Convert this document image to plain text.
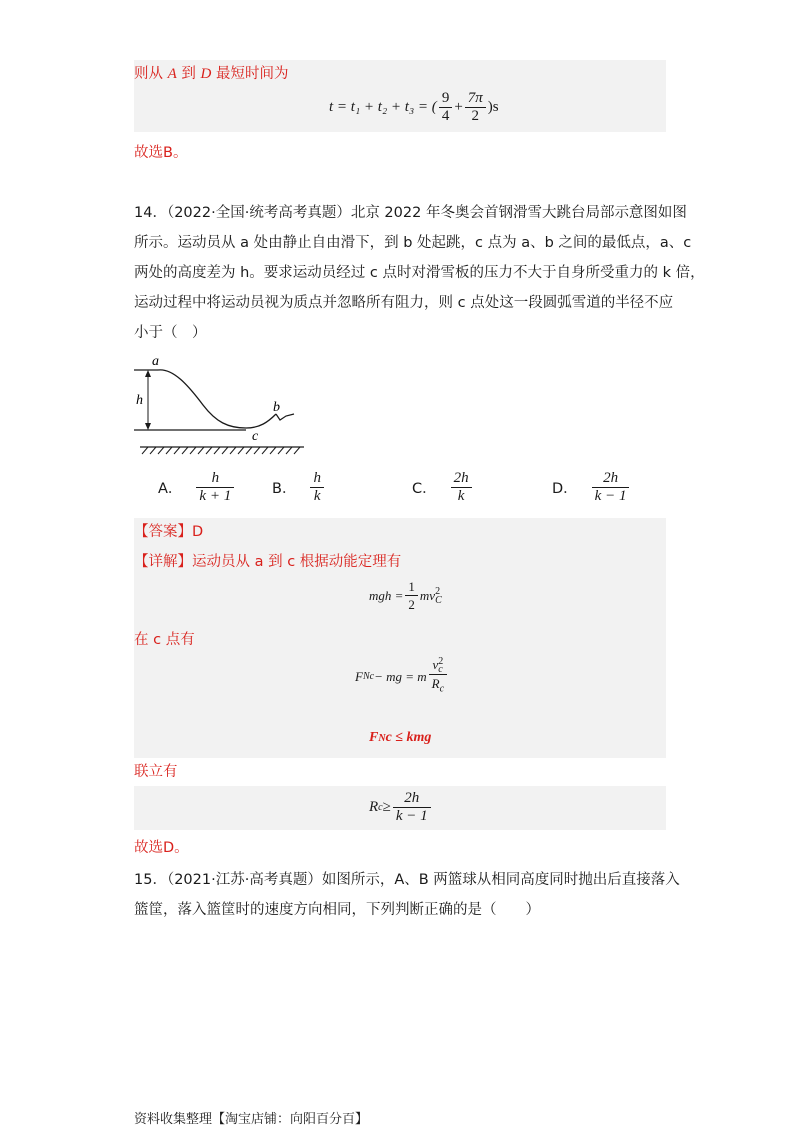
则从 A 到 D 最短时间为
t = t₁ + t₂ + t₃ = ( $\frac{9}{4} + \frac{7\pi}{2} )s$
故选B。
14．（2022·全国·统考高考真题）北京 2022 年冬奥会首钢滑雪大跳台局部示意图如图
所示。运动员从 a 处由静止自由滑下，到 b 处起跳，c 点为 a、b 之间的最低点，a、c
两处的高度差为 h。要求运动员经过 c 点时对滑雪板的压力不大于自身所受重力的 k 倍，
运动过程中将运动员视为质点并忽略所有阻力，则 c 点处这一段圆弧雪道的半径不应
小于（　）
a
h	b
c
A． $\frac{h}{k + 1}$	B． $\frac{h}{k}$	C． $\frac{2h}{k}$	D． $\frac{2h}{k - 1}$
【答案】D
【详解】运动员从 a 到 c 根据动能定理有
mgh = $\frac{1}{2}$ mv 2
C
在 c 点有
F Nc − mg = m v 2
c
$R_c$
F N c ≤ kmg
联立有
R $c \ge \frac{2h}{k - 1}$
故选D。
15．（2021·江苏·高考真题）如图所示，A、B 两篮球从相同高度同时抛出后直接落入
篮筐，落入篮筐时的速度方向相同，下列判断正确的是（　　）
资料收集整理【淘宝店铺：向阳百分百】
